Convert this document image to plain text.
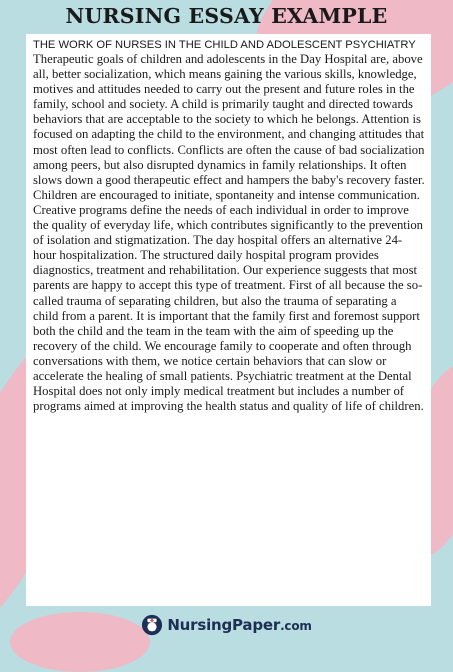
NURSING ESSAY EXAMPLE

THE WORK OF NURSES IN THE CHILD AND ADOLESCENT PSYCHIATRY

Therapeutic goals of children and adolescents in the Day Hospital are, above all, better socialization, which means gaining the various skills, knowledge, motives and attitudes needed to carry out the present and future roles in the family, school and society. A child is primarily taught and directed towards behaviors that are acceptable to the society to which he belongs. Attention is focused on adapting the child to the environment, and changing attitudes that most often lead to conflicts. Conflicts are often the cause of bad socialization among peers, but also disrupted dynamics in family relationships. It often slows down a good therapeutic effect and hampers the baby's recovery faster. Children are encouraged to initiate, spontaneity and intense communication. Creative programs define the needs of each individual in order to improve the quality of everyday life, which contributes significantly to the prevention of isolation and stigmatization. The day hospital offers an alternative 24-hour hospitalization. The structured daily hospital program provides diagnostics, treatment and rehabilitation. Our experience suggests that most parents are happy to accept this type of treatment. First of all because the so-called trauma of separating children, but also the trauma of separating a child from a parent. It is important that the family first and foremost support both the child and the team in the team with the aim of speeding up the recovery of the child. We encourage family to cooperate and often through conversations with them, we notice certain behaviors that can slow or accelerate the healing of small patients. Psychiatric treatment at the Dental Hospital does not only imply medical treatment but includes a number of programs aimed at improving the health status and quality of life of children.

NursingPaper.com
